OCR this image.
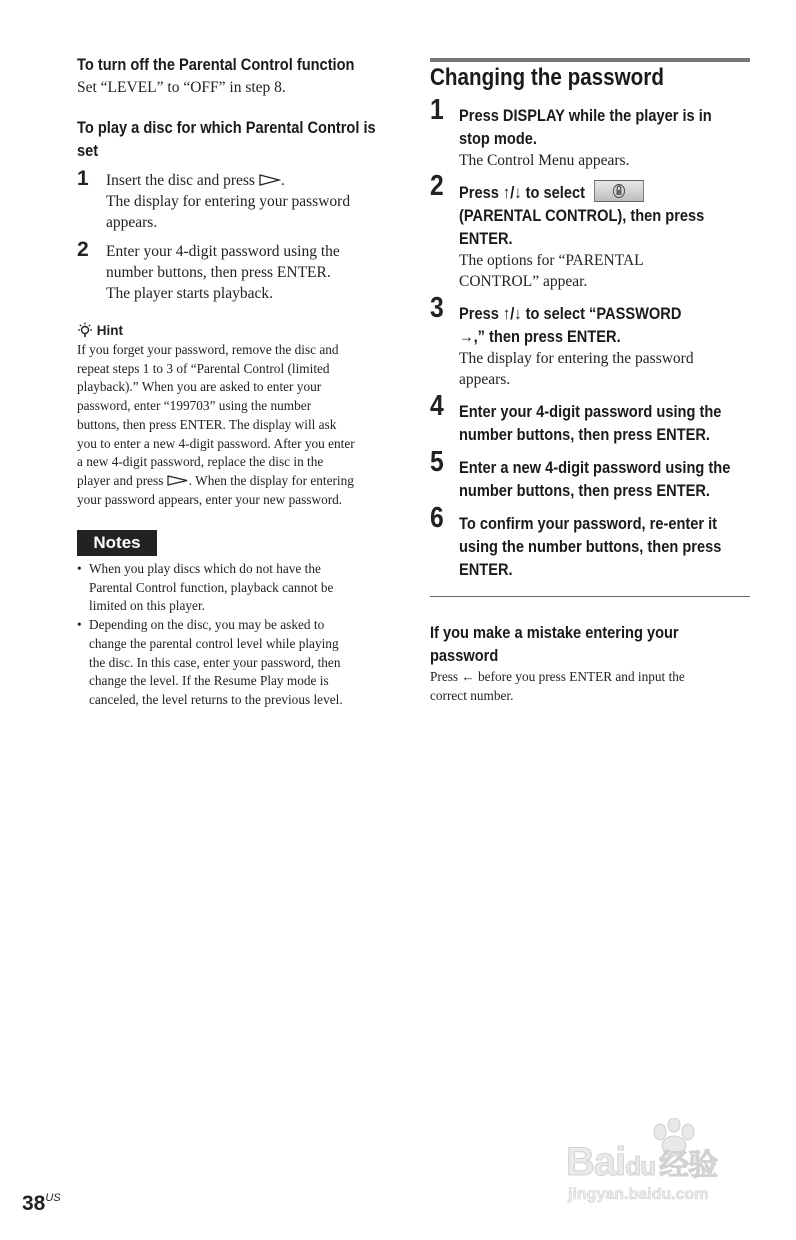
To turn off the Parental Control function
Set “LEVEL” to “OFF” in step 8.
To play a disc for which Parental Control is
set
1 Insert the disc and press .
The display for entering your password
appears.
2 Enter your 4-digit password using the
number buttons, then press ENTER.
The player starts playback.
Hint
If you forget your password, remove the disc and
repeat steps 1 to 3 of “Parental Control (limited
playback).” When you are asked to enter your
password, enter “199703” using the number
buttons, then press ENTER. The display will ask
you to enter a new 4-digit password. After you enter
a new 4-digit password, replace the disc in the
player and press . When the display for entering
your password appears, enter your new password.
Notes
• When you play discs which do not have the
Parental Control function, playback cannot be
limited on this player.
• Depending on the disc, you may be asked to
change the parental control level while playing
the disc. In this case, enter your password, then
change the level. If the Resume Play mode is
canceled, the level returns to the previous level.
Changing the password
1 Press DISPLAY while the player is in
stop mode.
The Control Menu appears.
2 Press ↑/↓ to select
(PARENTAL CONTROL), then press
ENTER.
The options for “PARENTAL
CONTROL” appear.
3 Press ↑/↓ to select “PASSWORD
→,” then press ENTER.
The display for entering the password
appears.
4 Enter your 4-digit password using the
number buttons, then press ENTER.
5 Enter a new 4-digit password using the
number buttons, then press ENTER.
6 To confirm your password, re-enter it
using the number buttons, then press
ENTER.
If you make a mistake entering your
password
Press ← before you press ENTER and input the
correct number.
$38^{US}$
Baidu 经验
jingyan.baidu.com
